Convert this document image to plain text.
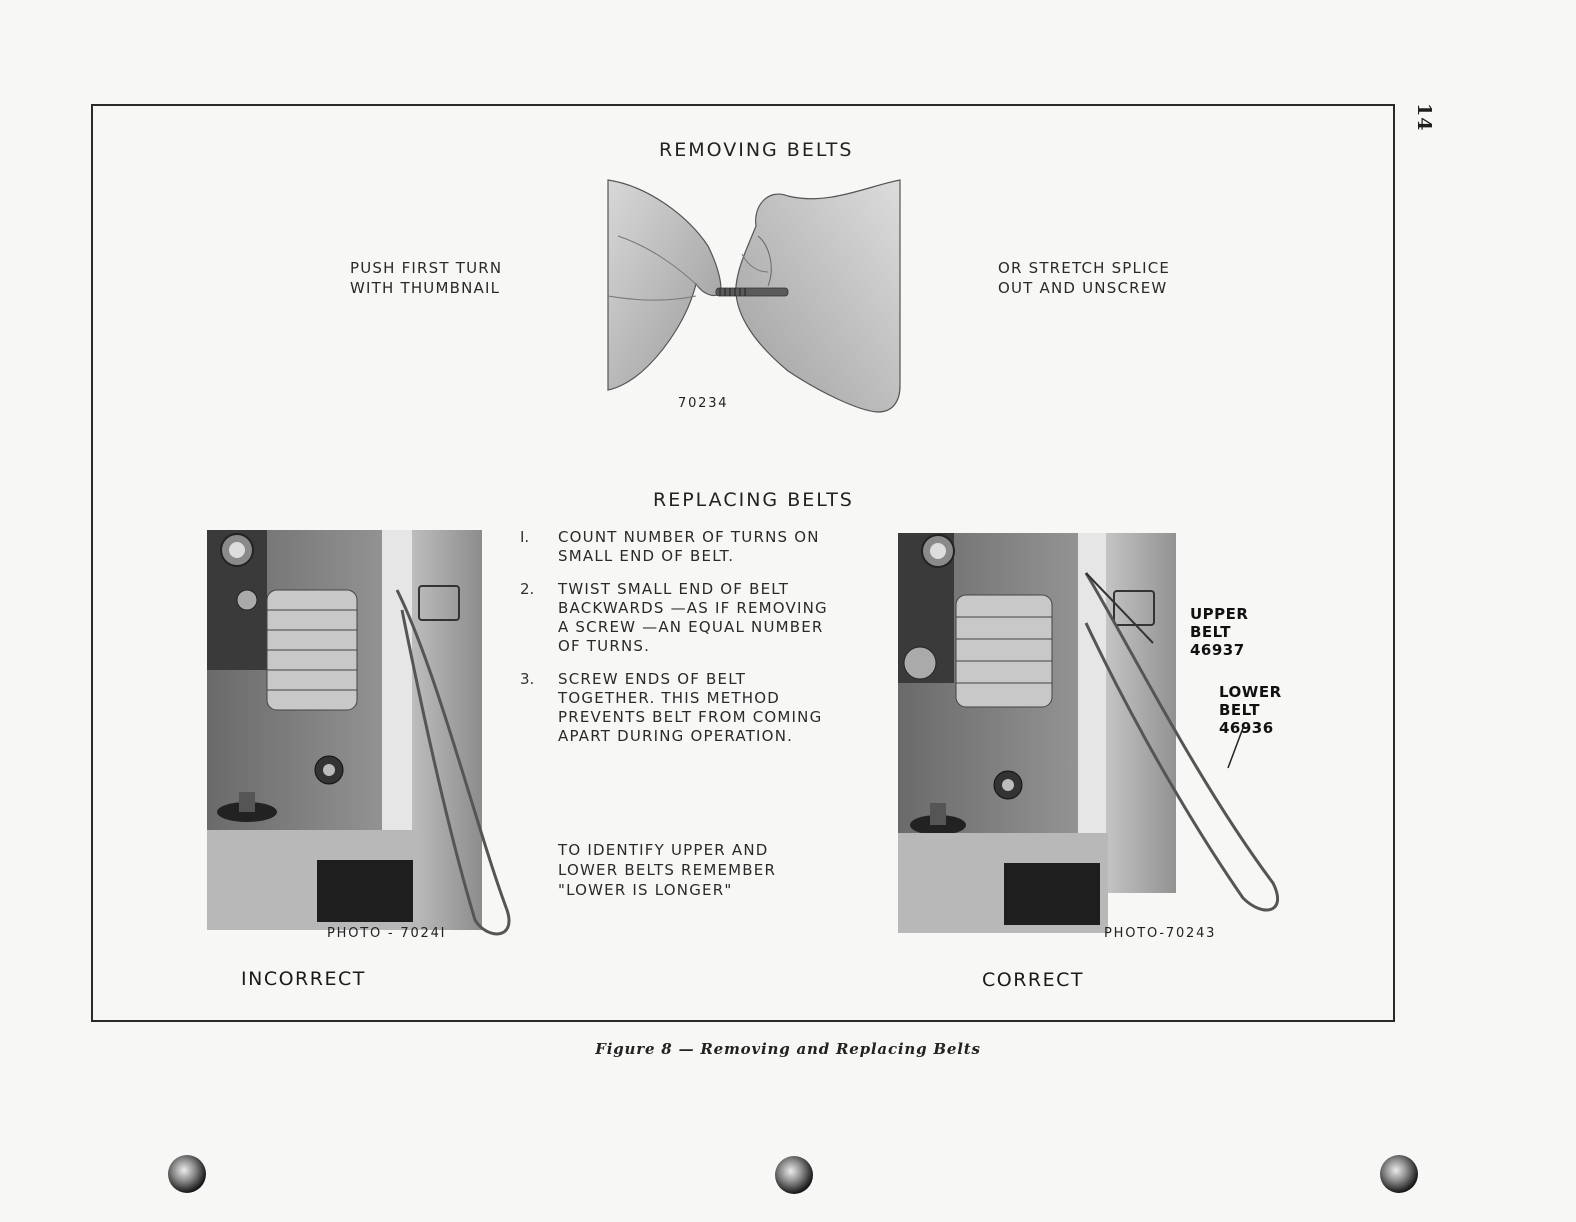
14
REMOVING BELTS
PUSH FIRST TURN
WITH THUMBNAIL
OR STRETCH SPLICE
OUT AND UNSCREW
70234
REPLACING BELTS
I.	COUNT NUMBER OF TURNS ON
SMALL END OF BELT.
2.	TWIST SMALL END OF BELT
BACKWARDS —AS IF REMOVING
A SCREW —AN EQUAL NUMBER
OF TURNS.
3.	SCREW ENDS OF BELT
TOGETHER. THIS METHOD
PREVENTS BELT FROM COMING
APART DURING OPERATION.
TO IDENTIFY UPPER AND
LOWER BELTS REMEMBER
"LOWER IS LONGER"
PHOTO - 7024I
INCORRECT
UPPER
BELT
46937
LOWER
BELT
46936
PHOTO-70243
CORRECT
Figure 8 — Removing and Replacing Belts
